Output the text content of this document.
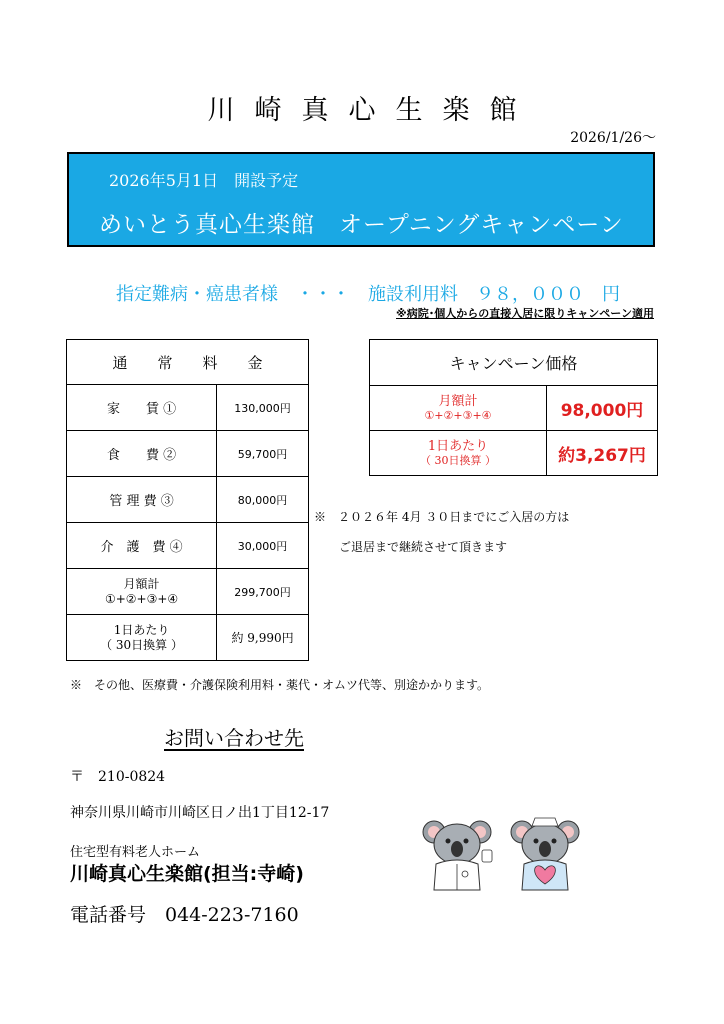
川 崎 真 心 生 楽 館
2026/1/26～
2026年5月1日　開設予定
めいとう真心生楽館　オープニングキャンペーン
指定難病・癌患者様　・・・　施設利用料　９８，０００　円
※病院･個人からの直接入居に限りキャンペーン適用
通　　常　　料　　金	
家　　賃 ①	130,000円
食　　費 ②	59,700円
管 理 費 ③	80,000円
介　護　費 ④	30,000円

月額計
①+②+③+④	299,700円

1日あたり
（ 30日換算 ）	約 9,990円
キャンペーン価格	

月額計
①+②+③+④	98,000円

1日あたり
（ 30日換算 ）	約3,267円
※　２０２６年 4月 ３０日までにご入居の方は
ご退居まで継続させて頂きます
※　その他、医療費・介護保険利用料・薬代・オムツ代等、別途かかります。
お問い合わせ先
〒　210-0824
神奈川県川崎市川崎区日ノ出1丁目12-17
住宅型有料老人ホーム
川崎真心生楽館(担当:寺崎)
電話番号　044-223-7160
